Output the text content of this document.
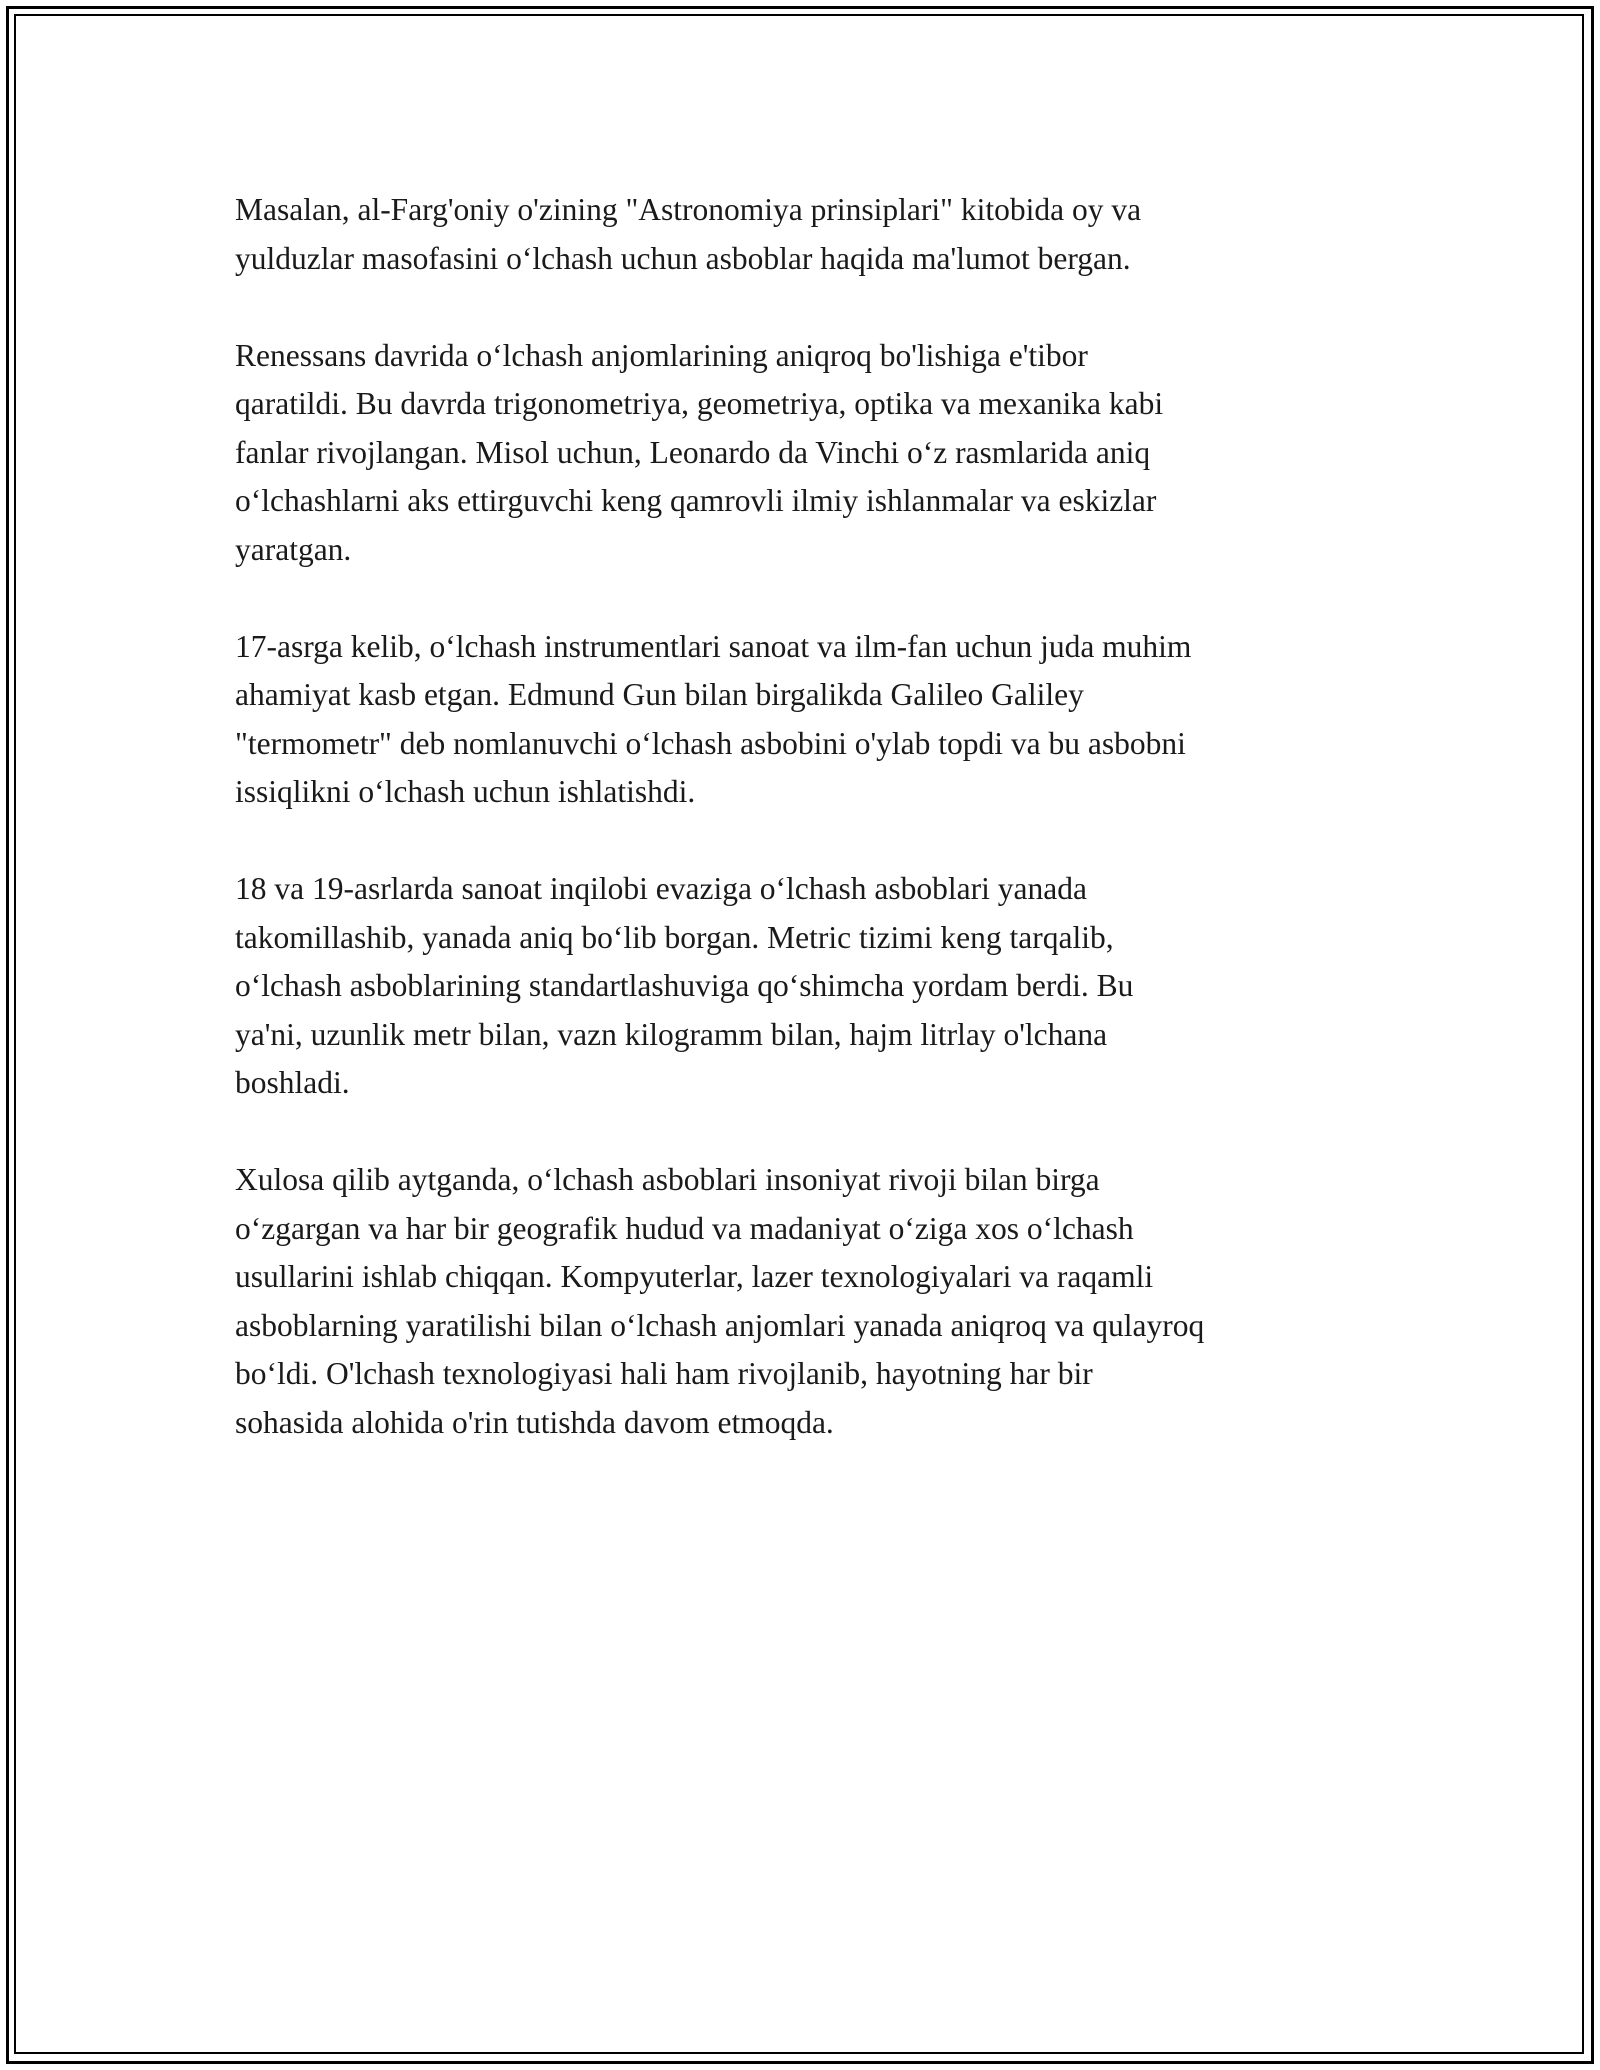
Masalan, al-Farg'oniy o'zining "Astronomiya prinsiplari" kitobida oy va
yulduzlar masofasini o‘lchash uchun asboblar haqida ma'lumot bergan.

Renessans davrida o‘lchash anjomlarining aniqroq bo'lishiga e'tibor
qaratildi. Bu davrda trigonometriya, geometriya, optika va mexanika kabi
fanlar rivojlangan. Misol uchun, Leonardo da Vinchi o‘z rasmlarida aniq
o‘lchashlarni aks ettirguvchi keng qamrovli ilmiy ishlanmalar va eskizlar
yaratgan.

17-asrga kelib, o‘lchash instrumentlari sanoat va ilm-fan uchun juda muhim
ahamiyat kasb etgan. Edmund Gun bilan birgalikda Galileo Galiley
"termometr" deb nomlanuvchi o‘lchash asbobini o'ylab topdi va bu asbobni
issiqlikni o‘lchash uchun ishlatishdi.

18 va 19-asrlarda sanoat inqilobi evaziga o‘lchash asboblari yanada
takomillashib, yanada aniq bo‘lib borgan. Metric tizimi keng tarqalib,
o‘lchash asboblarining standartlashuviga qo‘shimcha yordam berdi. Bu
ya'ni, uzunlik metr bilan, vazn kilogramm bilan, hajm litrlay o'lchana
boshladi.

Xulosa qilib aytganda, o‘lchash asboblari insoniyat rivoji bilan birga
o‘zgargan va har bir geografik hudud va madaniyat o‘ziga xos o‘lchash
usullarini ishlab chiqqan. Kompyuterlar, lazer texnologiyalari va raqamli
asboblarning yaratilishi bilan o‘lchash anjomlari yanada aniqroq va qulayroq
bo‘ldi. O'lchash texnologiyasi hali ham rivojlanib, hayotning har bir
sohasida alohida o'rin tutishda davom etmoqda.
